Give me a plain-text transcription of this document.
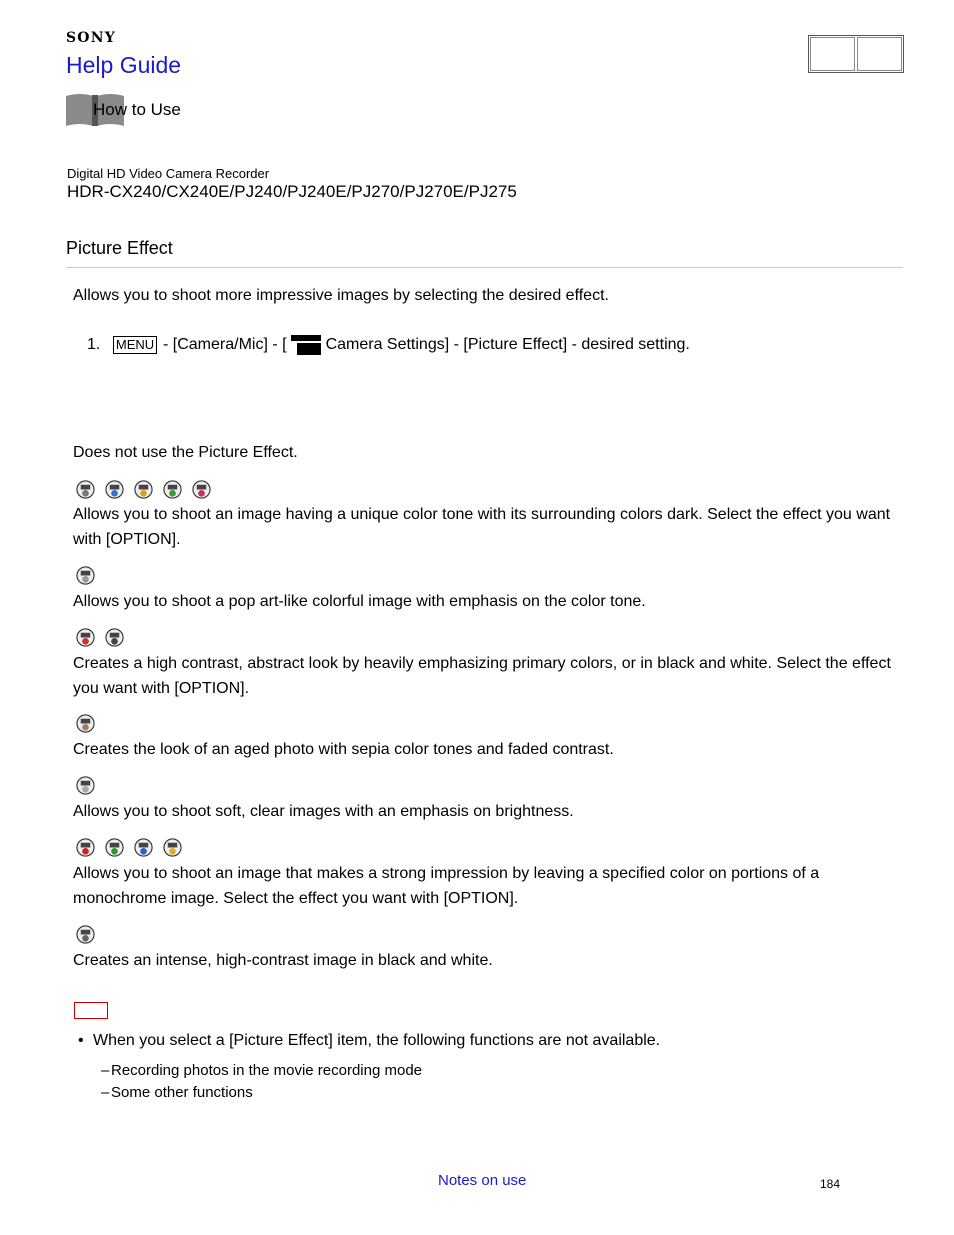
SONY
Help Guide
How to Use
Digital HD Video Camera Recorder
HDR-CX240/CX240E/PJ240/PJ240E/PJ270/PJ270E/PJ275
Picture Effect
Allows you to shoot more impressive images by selecting the desired effect.
1.	MENU - [Camera/Mic] - [ Camera Settings] - [Picture Effect] - desired setting.
Does not use the Picture Effect.
Allows you to shoot an image having a unique color tone with its surrounding colors dark. Select the effect you want with [OPTION].
Allows you to shoot a pop art-like colorful image with emphasis on the color tone.
Creates a high contrast, abstract look by heavily emphasizing primary colors, or in black and white. Select the effect you want with [OPTION].
Creates the look of an aged photo with sepia color tones and faded contrast.
Allows you to shoot soft, clear images with an emphasis on brightness.
Allows you to shoot an image that makes a strong impression by leaving a specified color on portions of a monochrome image. Select the effect you want with [OPTION].
Creates an intense, high-contrast image in black and white.
• When you select a [Picture Effect] item, the following functions are not available.
– Recording photos in the movie recording mode
– Some other functions
Notes on use	184
